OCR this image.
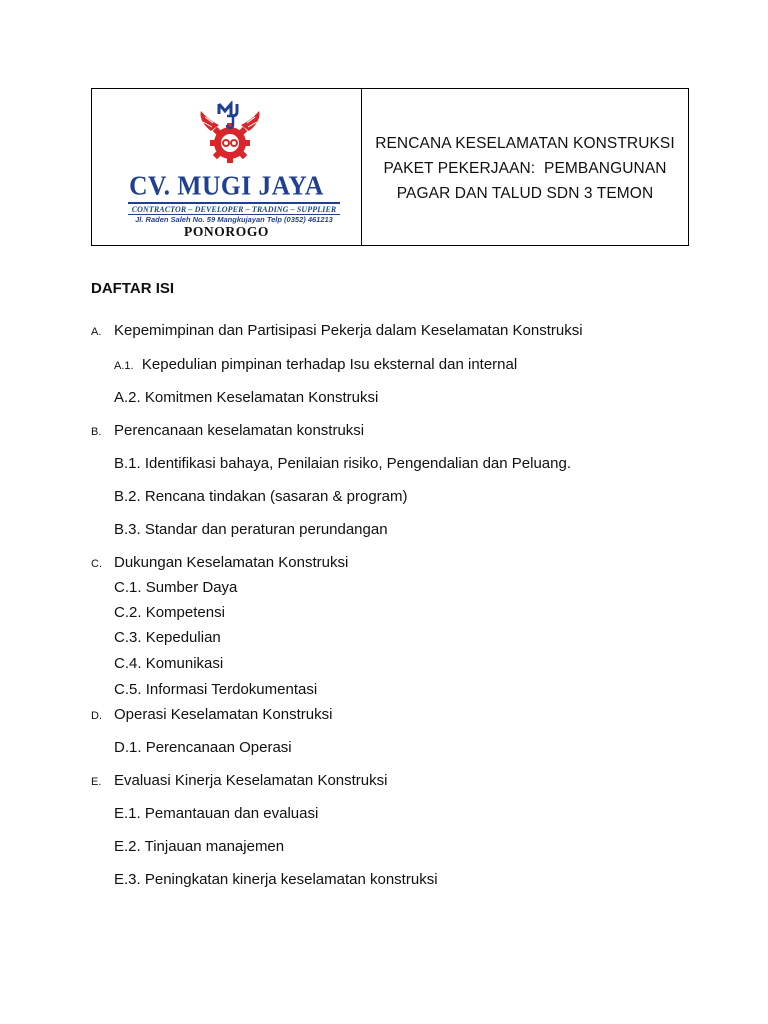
CV. MUGI JAYA
CONTRACTOR – DEVELOPER – TRADING – SUPPLIER
Jl. Raden Saleh No. 59 Mangkujayan Telp (0352) 461213
PONOROGO
RENCANA KESELAMATAN KONSTRUKSI
PAKET PEKERJAAN:  PEMBANGUNAN
PAGAR DAN TALUD SDN 3 TEMON
DAFTAR ISI
A. Kepemimpinan dan Partisipasi Pekerja dalam Keselamatan Konstruksi
A.1. Kepedulian pimpinan terhadap Isu eksternal dan internal
A.2. Komitmen Keselamatan Konstruksi
B. Perencanaan keselamatan konstruksi
B.1. Identifikasi bahaya, Penilaian risiko, Pengendalian dan Peluang.
B.2. Rencana tindakan (sasaran & program)
B.3. Standar dan peraturan perundangan
C. Dukungan Keselamatan Konstruksi
C.1. Sumber Daya
C.2. Kompetensi
C.3. Kepedulian
C.4. Komunikasi
C.5. Informasi Terdokumentasi
D. Operasi Keselamatan Konstruksi
D.1. Perencanaan Operasi
E. Evaluasi Kinerja Keselamatan Konstruksi
E.1. Pemantauan dan evaluasi
E.2. Tinjauan manajemen
E.3. Peningkatan kinerja keselamatan konstruksi
